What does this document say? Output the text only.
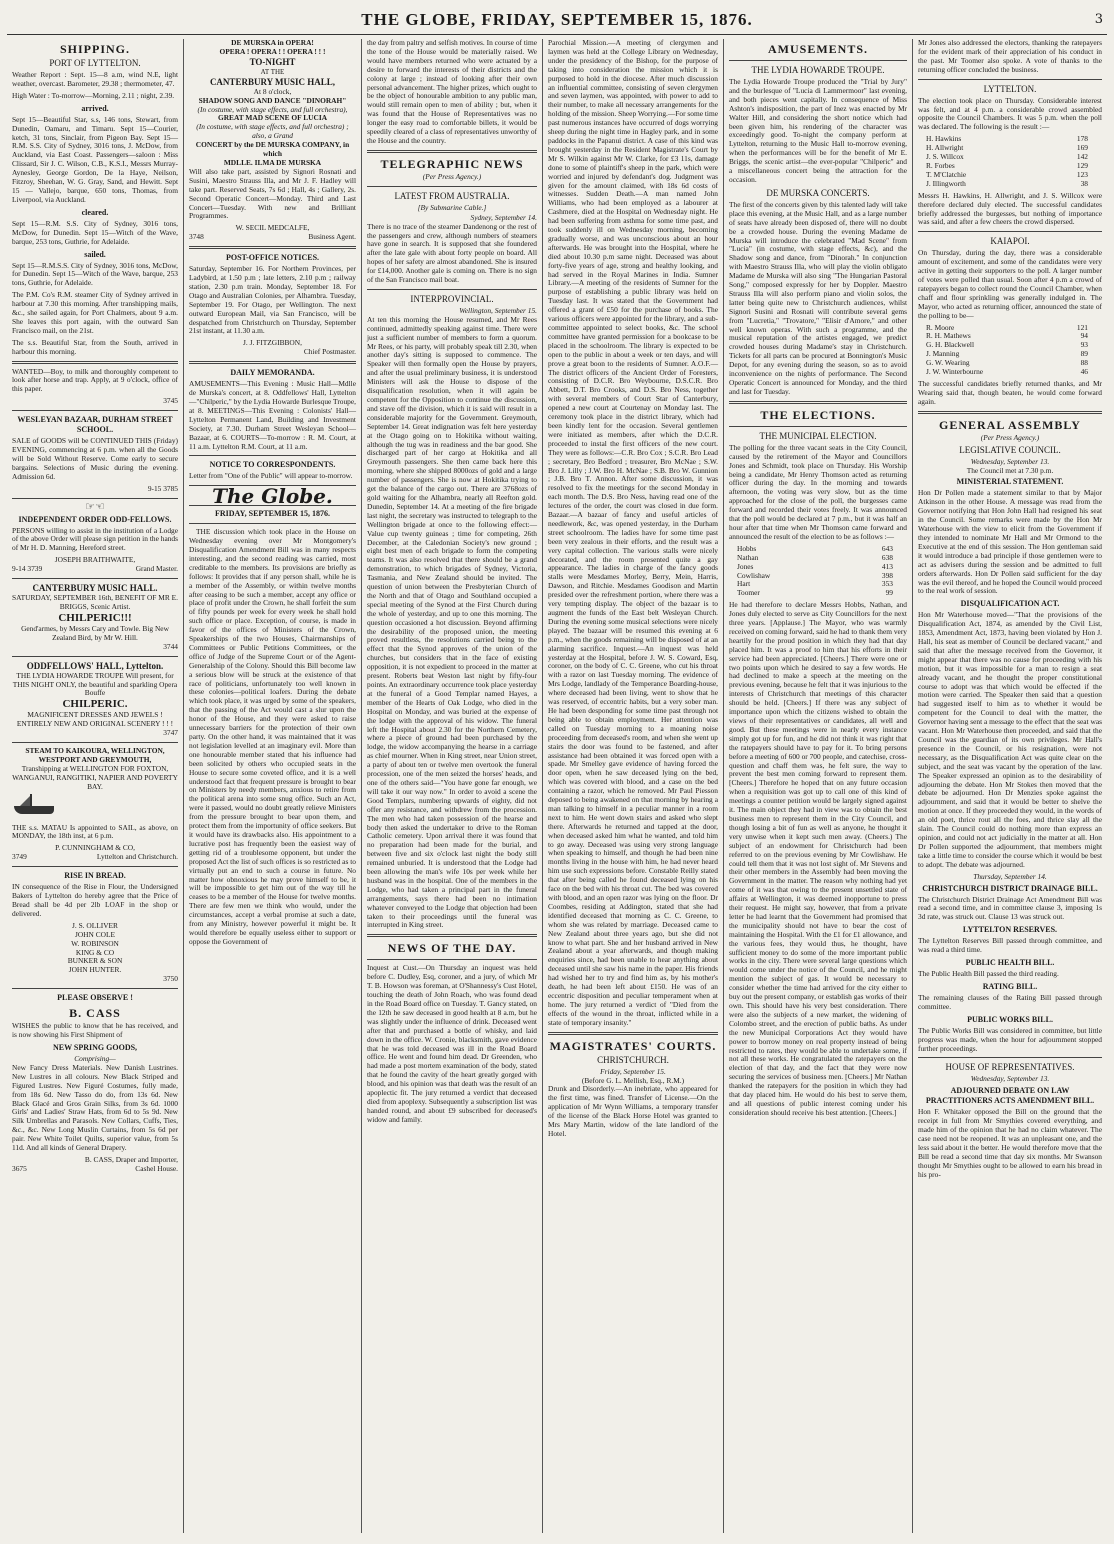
THE GLOBE, FRIDAY, SEPTEMBER 15, 1876.	3
SHIPPING.
PORT OF LYTTELTON.
Weather Report : Sept. 15—8 a.m, wind N.E, light weather, overcast. Barometer, 29.38 ; thermometer, 47.
High Water : To-morrow—Morning, 2.11 ; night, 2.39.
arrived.
Sept 15—Beautiful Star, s.s, 146 tons, Stewart, from Dunedin, Oamaru, and Timaru. Sept 15—Courier, ketch, 31 tons, Sinclair, from Pigeon Bay. Sept 15—R.M. S.S. City of Sydney, 3016 tons, J. McDow, from Auckland, via East Coast. Passengers—saloon : Miss Clissard, Sir J. C. Wilson, C.B., K.S.I., Messrs Murray-Aynesley, George Gordon, De la Haye, Neilson, Fitzroy, Sheehan, W. G. Gray, Sand, and Hewitt. Sept 15 — Vallejo, barque, 650 tons, Thomas, from Liverpool, via Auckland.
cleared.
Sept 15—R.M. S.S. City of Sydney, 3016 tons, McDow, for Dunedin. Sept 15—Witch of the Wave, barque, 253 tons, Guthrie, for Adelaide.
sailed.
Sept 15—R.M.S.S. City of Sydney, 3016 tons, McDow, for Dunedin. Sept 15—Witch of the Wave, barque, 253 tons, Guthrie, for Adelaide.
The P.M. Co's R.M. steamer City of Sydney arrived in harbour at 7.30 this morning. After transhipping mails, &c., she sailed again, for Port Chalmers, about 9 a.m. She leaves this port again, with the outward San Francisco mail, on the 21st.
The s.s. Beautiful Star, from the South, arrived in harbour this morning.
WANTED—Boy, to milk and thoroughly competent to look after horse and trap. Apply, at 9 o'clock, office of this paper.
3745
WESLEYAN BAZAAR, DURHAM STREET SCHOOL.
SALE of GOODS will be CONTINUED THIS (Friday) EVENING, commencing at 6 p.m. when all the Goods will be Sold Without Reserve. Come early to secure bargains. Selections of Music during the evening. Admission 6d.
9-15 3785
☞☜
INDEPENDENT ORDER ODD-FELLOWS.
PERSONS willing to assist in the institution of a Lodge of the above Order will please sign petition in the hands of Mr H. D. Manning, Hereford street.
JOSEPH BRAITHWAITE,
9-14 3739	Grand Master.
CANTERBURY MUSIC HALL.
SATURDAY, SEPTEMBER 16th, BENEFIT OF MR E. BRIGGS, Scenic Artist.
CHILPERIC!!!
Gend'armes, by Messrs Cary and Towle. Big New Zealand Bird, by Mr W. Hill.
3744
ODDFELLOWS' HALL, Lyttelton.
THE LYDIA HOWARDE TROUPE Will present, for THIS NIGHT ONLY, the beautiful and sparkling Opera Bouffe
CHILPERIC.
MAGNIFICENT DRESSES AND JEWELS ! ENTIRELY NEW AND ORIGINAL SCENERY ! ! !
3747
STEAM TO KAIKOURA, WELLINGTON, WESTPORT AND GREYMOUTH,
Transhipping at WELLINGTON FOR FOXTON, WANGANUI, RANGITIKI, NAPIER AND POVERTY BAY.
THE s.s. MATAU Is appointed to SAIL, as above, on MONDAY, the 18th inst, at 6 p.m.
P. CUNNINGHAM & CO,
3749	Lyttelton and Christchurch.
RISE IN BREAD.
IN consequence of the Rise in Flour, the Undersigned Bakers of Lyttelton do hereby agree that the Price of Bread shall be 4d per 2lb LOAF in the shop or delivered.
J. S. OLLIVER
JOHN COLE
W. ROBINSON
KING & CO
BUNKER & SON
JOHN HUNTER.
3750
PLEASE OBSERVE !
B. CASS
WISHES the public to know that he has received, and is now showing his First Shipment of
NEW SPRING GOODS,
Comprising—
New Fancy Dress Materials. New Danish Lustrines. New Lustres in all colours. New Black Striped and Figured Lustres. New Figuré Costumes, fully made, from 18s 6d. New Tasso do do, from 13s 6d. New Black Glacé and Gros Grain Silks, from 3s 6d. 1000 Girls' and Ladies' Straw Hats, from 6d to 5s 9d. New Silk Umbrellas and Parasols. New Collars, Cuffs, Ties, &c., &c. New Long Muslin Curtains, from 5s 6d per pair. New White Toilet Quilts, superior value, from 5s 11d. And all kinds of General Drapery.
B. CASS, Draper and Importer,
3675	Cashel House.
DE MURSKA in OPERA!
OPERA ! OPERA ! ! OPERA ! ! !
TO-NIGHT
AT THE
CANTERBURY MUSIC HALL,
At 8 o'clock,
SHADOW SONG AND DANCE "DINORAH"
(In costume, with stage effects, and full orchestra),
GREAT MAD SCENE OF LUCIA
(In costume, with stage effects, and full orchestra) ; also, a Grand
CONCERT by the DE MURSKA COMPANY, in which
MDLLE. ILMA DE MURSKA
Will also take part, assisted by Signori Rosnati and Susini, Maestro Strauss Illa, and Mr J. F. Hadley will take part. Reserved Seats, 7s 6d ; Hall, 4s ; Gallery, 2s. Second Operatic Concert—Monday. Third and Last Concert—Tuesday. With new and Brilliant Programmes.
W. SECIL MEDCALFE,
3748	Business Agent.
POST-OFFICE NOTICES.
Saturday, September 16. For Northern Provinces, per Ladybird, at 1.50 p.m ; late letters, 2.10 p.m ; railway station, 2.30 p.m train. Monday, September 18. For Otago and Australian Colonies, per Alhambra. Tuesday, September 19. For Otago, per Wellington. The next outward European Mail, via San Francisco, will be despatched from Christchurch on Thursday, September 21st instant, at 11.30 a.m.
J. J. FITZGIBBON,
Chief Postmaster.
DAILY MEMORANDA.
AMUSEMENTS—This Evening : Music Hall—Mdlle de Murska's concert, at 8. Oddfellows' Hall, Lyttelton—"Chilperic," by the Lydia Howarde Burlesque Troupe, at 8. MEETINGS—This Evening : Colonists' Hall—Lyttelton Permanent Land, Building and Investment Society, at 7.30. Durham Street Wesleyan School—Bazaar, at 6. COURTS—To-morrow : R. M. Court, at 11 a.m. Lyttelton R.M. Court, at 11 a.m.
NOTICE TO CORRESPONDENTS.
Letter from "One of the Public" will appear to-morrow.
The Globe.
FRIDAY, SEPTEMBER 15, 1876.

THE discussion which took place in the House on Wednesday evening over Mr Montgomery's Disqualification Amendment Bill was in many respects interesting, and the second reading was carried, most creditable to the members. Its provisions are briefly as follows: It provides that if any person shall, while he is a member of the Assembly, or within twelve months after ceasing to be such a member, accept any office or place of profit under the Crown, he shall forfeit the sum of fifty pounds per week for every week he shall hold such office or place. Exception, of course, is made in favor of the offices of Ministers of the Crown, Speakerships of the two Houses, Chairmanships of Committees or Public Petitions Committees, or the office of Judge of the Supreme Court or of the Agent-Generalship of the Colony. Should this Bill become law a serious blow will be struck at the existence of that race of politicians, unfortunately too well known in these colonies—political loafers. During the debate which took place, it was urged by some of the speakers, that the passing of the Act would cast a slur upon the honor of the House, and they were asked to raise unnecessary barriers for the protection of their own party. On the other hand, it was maintained that it was not legislation levelled at an imaginary evil. More than one honourable member stated that his influence had been solicited by others who occupied seats in the House to secure some coveted office, and it is a well understood fact that frequent pressure is brought to bear on Ministers by needy members, anxious to retire from the political arena into some snug office. Such an Act, were it passed, would no doubt greatly relieve Ministers from the pressure brought to bear upon them, and protect them from the importunity of office seekers. But it would have its drawbacks also. His appointment to a lucrative post has frequently been the easiest way of getting rid of a troublesome opponent, but under the proposed Act the list of such offices is so restricted as to virtually put an end to such a course in future. No matter how obnoxious he may prove himself to be, it will be impossible to get him out of the way till he ceases to be a member of the House for twelve months. There are few men we think who would, under the circumstances, accept a verbal promise at such a date, from any Ministry, however powerful it might be. It would therefore be equally useless either to support or oppose the Government of

the day from paltry and selfish motives. In course of time the tone of the House would be materially raised. We would have members returned who were actuated by a desire to forward the interests of their districts and the colony at large ; instead of looking after their own personal advancement. The higher prizes, which ought to be the object of honourable ambition to any public man, would still remain open to men of ability ; but, when it was found that the House of Representatives was no longer the easy road to comfortable billets, it would be speedily cleared of a class of representatives unworthy of the House and the country.
TELEGRAPHIC NEWS
(Per Press Agency.)
LATEST FROM AUSTRALIA.
[By Submarine Cable.]
Sydney, September 14.
There is no trace of the steamer Dandenong or the rest of the passengers and crew, although numbers of steamers have gone in search. It is supposed that she foundered after the late gale with about forty people on board. All hopes of her safety are almost abandoned. She is insured for £14,000. Another gale is coming on. There is no sign of the San Francisco mail boat.
INTERPROVINCIAL.
Wellington, September 15.
At ten this morning the House resumed, and Mr Rees continued, admittedly speaking against time. There were just a sufficient number of members to form a quorum. Mr Rees, or his party, will probably speak till 2.30, when another day's sitting is supposed to commence. The Speaker will then formally open the House by prayers, and after the usual preliminary business, it is understood Ministers will ask the House to dispose of the disqualification resolution, when it will again be competent for the Opposition to continue the discussion, and stave off the division, which it is said will result in a considerable majority for the Government. Greymouth, September 14. Great indignation was felt here yesterday at the Otago going on to Hokitika without waiting, although the tug was in readiness and the bar good. She discharged part of her cargo at Hokitika and all Greymouth passengers. She then came back here this morning, where she shipped 8000ozs of gold and a large number of passengers. She is now at Hokitika trying to get the balance of the cargo out. There are 3768ozs of gold waiting for the Alhambra, nearly all Reefton gold. Dunedin, September 14. At a meeting of the fire brigade last night, the secretary was instructed to telegraph to the Wellington brigade at once to the following effect:—Value cup twenty guineas ; time for competing, 26th December, at the Caledonian Society's new ground ; eight best men of each brigade to form the competing teams. It was also resolved that there should be a grand demonstration, to which brigades of Sydney, Victoria, Tasmania, and New Zealand should be invited. The question of union between the Presbyterian Church of the North and that of Otago and Southland occupied a special meeting of the Synod at the First Church during the whole of yesterday, and up to one this morning. The question occasioned a hot discussion. Beyond affirming the desirability of the proposed union, the meeting proved resultless, the resolutions carried being to the effect that the Synod approves of the union of the churches, but considers that in the face of existing opposition, it is not expedient to proceed in the matter at present. Roberts beat Weston last night by fifty-four points. An extraordinary occurrence took place yesterday at the funeral of a Good Templar named Hayes, a member of the Hearts of Oak Lodge, who died in the Hospital on Monday, and was buried at the expense of the lodge with the approval of his widow. The funeral left the Hospital about 2.30 for the Northern Cemetery, where a piece of ground had been purchased by the lodge, the widow accompanying the hearse in a carriage as chief mourner. When in King street, near Union street, a party of about ten or twelve men overtook the funeral procession, one of the men seized the horses' heads, and one of the others said—"You have gone far enough, we will take it our way now." In order to avoid a scene the Good Templars, numbering upwards of eighty, did not offer any resistance, and withdrew from the procession. The men who had taken possession of the hearse and body then asked the undertaker to drive to the Roman Catholic cemetery. Upon arrival there it was found that no preparation had been made for the burial, and between five and six o'clock last night the body still remained unburied. It is understood that the Lodge had been allowing the man's wife 10s per week while her husband was in the hospital. One of the members in the Lodge, who had taken a principal part in the funeral arrangements, says there had been no intimation whatever conveyed to the Lodge that objection had been taken to their proceedings until the funeral was interrupted in King street.
NEWS OF THE DAY.
Inquest at Cust.—On Thursday an inquest was held before C. Dudley, Esq, coroner, and a jury, of which Mr T. B. Howson was foreman, at O'Shannessy's Cust Hotel, touching the death of John Roach, who was found dead in the Road Board office on Tuesday. T. Gancy stated, on the 12th he saw deceased in good health at 8 a.m, but he was slightly under the influence of drink. Deceased went after that and purchased a bottle of whisky, and laid down in the office. W. Cronie, blacksmith, gave evidence that he was told deceased was ill in the Road Board office. He went and found him dead. Dr Greenden, who had made a post mortem examination of the body, stated that he found the cavity of the heart greatly gorged with blood, and his opinion was that death was the result of an apoplectic fit. The jury returned a verdict that deceased died from apoplexy. Subsequently a subscription list was handed round, and about £9 subscribed for deceased's widow and family.
Parochial Mission.—A meeting of clergymen and laymen was held at the College Library on Wednesday, under the presidency of the Bishop, for the purpose of taking into consideration the mission which it is purposed to hold in the diocese. After much discussion an influential committee, consisting of seven clergymen and seven laymen, was appointed, with power to add to their number, to make all necessary arrangements for the holding of the mission. Sheep Worrying.—For some time past numerous instances have occurred of dogs worrying sheep during the night time in Hagley park, and in some paddocks in the Papanui district. A case of this kind was brought yesterday in the Resident Magistrate's Court by Mr S. Wilkin against Mr W. Clarke, for £3 11s, damage done to some of plaintiff's sheep in the park, which were worried and injured by defendant's dog. Judgment was given for the amount claimed, with 18s 6d costs of witnesses. Sudden Death.—A man named John Williams, who had been employed as a labourer at Cashmere, died at the Hospital on Wednesday night. He had been suffering from asthma for some time past, and took suddenly ill on Wednesday morning, becoming gradually worse, and was unconscious about an hour afterwards. He was brought into the Hospital, where he died about 10.30 p.m same night. Deceased was about forty-five years of age, strong and healthy looking, and had served in the Royal Marines in India. Sumner Library.—A meeting of the residents of Sumner for the purpose of establishing a public library was held on Tuesday last. It was stated that the Government had offered a grant of £50 for the purchase of books. The various officers were appointed for the library, and a sub-committee appointed to select books, &c. The school committee have granted permission for a bookcase to be placed in the schoolroom. The library is expected to be open to the public in about a week or ten days, and will prove a great boon to the residents of Sumner. A.O.F.—The district officers of the Ancient Order of Foresters, consisting of D.C.R. Bro Weybourne, D.S.C.R. Bro Abbett, D.T. Bro Crooks, and D.S. Bro Ness, together with several members of Court Star of Canterbury, opened a new court at Courtenay on Monday last. The ceremony took place in the district library, which had been kindly lent for the occasion. Several gentlemen were initiated as members, after which the D.C.R. proceeded to instal the first officers of the new court. They were as follows:—C.R. Bro Cox ; S.C.R. Bro Lead ; secretary, Bro Bedford ; treasurer, Bro McNae ; S.W. Bro J. Lilly ; J.W. Bro H. McNae ; S.B. Bro W. Gunnion ; J.B. Bro T. Annon. After some discussion, it was resolved to fix the meetings for the second Monday in each month. The D.S. Bro Ness, having read one of the lectures of the order, the court was closed in due form. Bazaar.—A bazaar of fancy and useful articles of needlework, &c, was opened yesterday, in the Durham street schoolroom. The ladies have for some time past been very zealous in their efforts, and the result was a very capital collection. The various stalls were nicely decorated, and the room presented quite a gay appearance. The ladies in charge of the fancy goods stalls were Mesdames Morley, Berry, Mein, Harris, Dawson, and Ritchie. Mesdames Goodison and Martin presided over the refreshment portion, where there was a very tempting display. The object of the bazaar is to augment the funds of the East belt Wesleyan Church. During the evening some musical selections were nicely played. The bazaar will be resumed this evening at 6 p.m., when the goods remaining will be disposed of at an alarming sacrifice. Inquest.—An inquest was held yesterday at the Hospital, before J. W. S. Coward, Esq, coroner, on the body of C. C. Greene, who cut his throat with a razor on last Tuesday morning. The evidence of Mrs Lodge, landlady of the Temperance Boarding-house, where deceased had been living, went to show that he was reserved, of eccentric habits, but a very sober man. He had been desponding for some time past through not being able to obtain employment. Her attention was called on Tuesday morning to a moaning noise proceeding from deceased's room, and when she went up stairs the door was found to be fastened, and after assistance had been obtained it was forced open with a spade. Mr Smelley gave evidence of having forced the door open, when he saw deceased lying on the bed, which was covered with blood, and a case on the bed containing a razor, which he removed. Mr Paul Piesson deposed to being awakened on that morning by hearing a man talking to himself in a peculiar manner in a room next to him. He went down stairs and asked who slept there. Afterwards he returned and tapped at the door, when deceased asked him what he wanted, and told him to go away. Deceased was using very strong language when speaking to himself, and though he had been nine months living in the house with him, he had never heard him use such expressions before. Constable Reilly stated that after being called he found deceased lying on his face on the bed with his throat cut. The bed was covered with blood, and an open razor was lying on the floor. Dr Coombes, residing at Addington, stated that she had identified deceased that morning as C. C. Greene, to whom she was related by marriage. Deceased came to New Zealand about three years ago, but she did not know to what part. She and her husband arrived in New Zealand about a year afterwards, and though making enquiries since, had been unable to hear anything about deceased until she saw his name in the paper. His friends had wished her to try and find him as, by his mother's death, he had been left about £150. He was of an eccentric disposition and peculiar temperament when at home. The jury returned a verdict of "Died from the effects of the wound in the throat, inflicted while in a state of temporary insanity."
MAGISTRATES' COURTS.
CHRISTCHURCH.
Friday, September 15.
(Before G. L. Mellish, Esq., R.M.)
Drunk and Disorderly.—An inebriate, who appeared for the first time, was fined. Transfer of License.—On the application of Mr Wynn Williams, a temporary transfer of the license of the Black Horse Hotel was granted to Mrs Mary Martin, widow of the late landlord of the Hotel.
AMUSEMENTS.
THE LYDIA HOWARDE TROUPE.
The Lydia Howarde Troupe produced the "Trial by Jury" and the burlesque of "Lucia di Lammermoor" last evening, and both pieces went capitally. In consequence of Miss Ashton's indisposition, the part of Inez was enacted by Mr Walter Hill, and considering the short notice which had been given him, his rendering of the character was exceedingly good. To-night the company perform at Lyttelton, returning to the Music Hall to-morrow evening, when the performances will be for the benefit of Mr E. Briggs, the scenic artist—the ever-popular "Chilperic" and a miscellaneous concert being the attraction for the occasion.
DE MURSKA CONCERTS.
The first of the concerts given by this talented lady will take place this evening, at the Music Hall, and as a large number of seats have already been disposed of, there will no doubt be a crowded house. During the evening Madame de Murska will introduce the celebrated "Mad Scene" from "Lucia" (in costume, with stage effects, &c), and the Shadow song and dance, from "Dinorah." In conjunction with Maestro Strauss Illa, who will play the violin obligato Madame de Murska will also sing "The Hungarian Pastoral Song," composed expressly for her by Doppler. Maestro Strauss Illa will also perform piano and violin solos, the latter being quite new to Christchurch audiences, whilst Signori Susini and Rosnati will contribute several gems from "Lucretia," "Trovatore," "Elisir d'Amore," and other well known operas. With such a programme, and the musical reputation of the artistes engaged, we predict crowded houses during Madame's stay in Christchurch. Tickets for all parts can be procured at Bonnington's Music Depot, for any evening during the season, so as to avoid inconvenience on the nights of performance. The Second Operatic Concert is announced for Monday, and the third and last for Tuesday.
THE ELECTIONS.
THE MUNICIPAL ELECTION.
The polling for the three vacant seats in the City Council, caused by the retirement of the Mayor and Councillors Jones and Schmidt, took place on Thursday. His Worship being a candidate, Mr Henry Thomson acted as returning officer during the day. In the morning and towards afternoon, the voting was very slow, but as the time approached for the close of the poll, the burgesses came forward and recorded their votes freely. It was announced that the poll would be declared at 7 p.m., but it was half an hour after that time when Mr Thomson came forward and announced the result of the election to be as follows :—
Hobbs	643
Nathan	638
Jones	413
Cowlishaw	398
Hart	353
Toomer	99
He had therefore to declare Messrs Hobbs, Nathan, and Jones duly elected to serve as City Councillors for the next three years. [Applause.] The Mayor, who was warmly received on coming forward, said he had to thank them very heartily for the proud position in which they had that day placed him. It was a proof to him that his efforts in their service had been appreciated. [Cheers.] There were one or two points upon which he desired to say a few words. He had declined to make a speech at the meeting on the previous evening, because he felt that it was injurious to the interests of Christchurch that meetings of this character should be held. [Cheers.] If there was any subject of importance upon which the citizens wished to obtain the views of their representatives or candidates, all well and good. But these meetings were in nearly every instance simply got up for fun, and he did not think it was right that the ratepayers should have to pay for it. To bring persons before a meeting of 600 or 700 people, and catechise, cross-question and chaff them was, he felt sure, the way to prevent the best men coming forward to represent them. [Cheers.] Therefore he hoped that on any future occasion when a requisition was got up to call one of this kind of meetings a counter petition would be largely signed against it. The main object they had in view was to obtain the best business men to represent them in the City Council, and though losing a bit of fun as well as anyone, he thought it very unwise when it kept such men away. (Cheers.) The subject of an endowment for Christchurch had been referred to on the previous evening by Mr Cowlishaw. He could tell them that it was not lost sight of. Mr Stevens and their other members in the Assembly had been moving the Government in the matter. The reason why nothing had yet come of it was that owing to the present unsettled state of affairs at Wellington, it was deemed inopportune to press their request. He might say, however, that from a private letter he had learnt that the Government had promised that the municipality should not have to bear the cost of maintaining the Hospital. With the £1 for £1 allowance, and the various fees, they would thus, he thought, have sufficient money to do some of the more important public works in the city. There were several large questions which would come under the notice of the Council, and he might mention the subject of gas. It would be necessary to consider whether the time had arrived for the city either to buy out the present company, or establish gas works of their own. This should have his very best consideration. There were also the subjects of a new market, the widening of Colombo street, and the erection of public baths. As under the new Municipal Corporations Act they would have power to borrow money on real property instead of being restricted to rates, they would be able to undertake some, if not all these works. He congratulated the ratepayers on the election of that day, and the fact that they were now securing the services of business men. [Cheers.] Mr Nathan thanked the ratepayers for the position in which they had that day placed him. He would do his best to serve them, and all questions of public interest coming under his consideration should receive his best attention. [Cheers.]
Mr Jones also addressed the electors, thanking the ratepayers for the evident mark of their appreciation of his conduct in the past. Mr Toomer also spoke. A vote of thanks to the returning officer concluded the business.
LYTTELTON.
The election took place on Thursday. Considerable interest was felt, and at 4 p.m. a considerable crowd assembled opposite the Council Chambers. It was 5 p.m. when the poll was declared. The following is the result :—
H. Hawkins	178
H. Allwright	169
J. S. Willcox	142
R. Forbes	129
T. M'Clatchie	123
J. Illingworth	38
Messrs H. Hawkins, H. Allwright, and J. S. Willcox were therefore declared duly elected. The successful candidates briefly addressed the burgesses, but nothing of importance was said, and after a few cheers the crowd dispersed.
KAIAPOI.
On Thursday, during the day, there was a considerable amount of excitement, and some of the candidates were very active in getting their supporters to the poll. A larger number of votes were polled than usual. Soon after 4 p.m a crowd of ratepayers began to collect round the Council Chamber, when chaff and flour sprinkling was generally indulged in. The Mayor, who acted as returning officer, announced the state of the polling to be—
R. Moore	121
R. H. Mathews	94
G. H. Blackwell	93
J. Manning	89
G. W. Wearing	88
J. W. Winterbourne	46
The successful candidates briefly returned thanks, and Mr Wearing said that, though beaten, he would come forward again.
GENERAL ASSEMBLY
(Per Press Agency.)
LEGISLATIVE COUNCIL.
Wednesday, September 13.
The Council met at 7.30 p.m.
MINISTERIAL STATEMENT.
Hon Dr Pollen made a statement similar to that by Major Atkinson in the other House. A message was read from the Governor notifying that Hon John Hall had resigned his seat in the Council. Some remarks were made by the Hon Mr Waterhouse with the view to elicit from the Government if they intended to nominate Mr Hall and Mr Ormond to the Executive at the end of this session. The Hon gentleman said it would introduce a bad principle if those gentlemen were to act as advisers during the session and be admitted to full orders afterwards. Hon Dr Pollen said sufficient for the day was the evil thereof, and he hoped the Council would proceed to the real work of session.
DISQUALIFICATION ACT.
Hon Mr Waterhouse moved—"That the provisions of the Disqualification Act, 1874, as amended by the Civil List, 1853, Amendment Act, 1873, having been violated by Hon J. Hall, his seat as member of Council be declared vacant," and said that after the message received from the Governor, it might appear that there was no cause for proceeding with his motion, but it was impossible for a man to resign a seat already vacant, and he thought the proper constitutional course to adopt was that which would be effected if the motion were carried. The Speaker then said that a question had suggested itself to him as to whether it would be competent for the Council to deal with the matter, the Governor having sent a message to the effect that the seat was vacant. Hon Mr Waterhouse then proceeded, and said that the Council was the guardian of its own privileges. Mr Hall's presence in the Council, or his resignation, were not necessary, as the Disqualification Act was quite clear on the subject, and the seat was vacant by the operation of the law. The Speaker expressed an opinion as to the desirability of adjourning the debate. Hon Mr Stokes then moved that the debate be adjourned. Hon Dr Menzies spoke against the adjournment, and said that it would be better to shelve the motion at once. If they proceeded they would, in the words of an old poet, thrice rout all the foes, and thrice slay all the slain. The Council could do nothing more than express an opinion, and could not act judicially in the matter at all. Hon Dr Pollen supported the adjournment, that members might take a little time to consider the course which it would be best to adopt. The debate was adjourned.
Thursday, September 14.
CHRISTCHURCH DISTRICT DRAINAGE BILL.
The Christchurch District Drainage Act Amendment Bill was read a second time, and in committee clause 3, imposing 1s 3d rate, was struck out. Clause 13 was struck out.
LYTTELTON RESERVES.
The Lyttelton Reserves Bill passed through committee, and was read a third time.
PUBLIC HEALTH BILL.
The Public Health Bill passed the third reading.
RATING BILL.
The remaining clauses of the Rating Bill passed through committee.
PUBLIC WORKS BILL.
The Public Works Bill was considered in committee, but little progress was made, when the hour for adjournment stopped further proceedings.
HOUSE OF REPRESENTATIVES.
Wednesday, September 13.
ADJOURNED DEBATE ON LAW PRACTITIONERS ACTS AMENDMENT BILL.
Hon F. Whitaker opposed the Bill on the ground that the receipt in full from Mr Smythies covered everything, and made him of the opinion that he had no claim whatever. The case need not be reopened. It was an unpleasant one, and the less said about it the better. He would therefore move that the Bill be read a second time that day six months. Mr Swanson thought Mr Smythies ought to be allowed to earn his bread in his pro-
